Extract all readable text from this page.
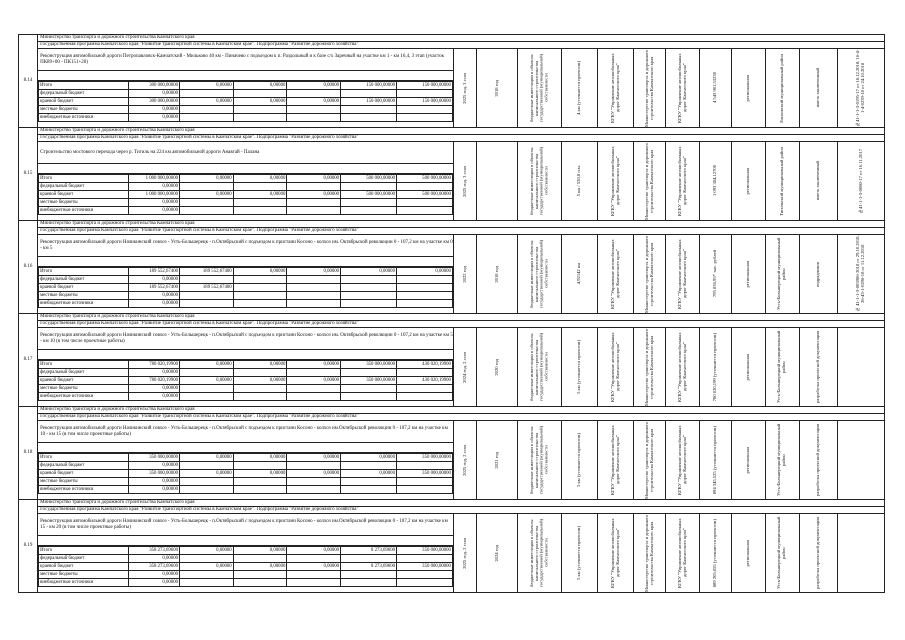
8.14	Министерство транспорта и дорожного строительства Камчатского края
Государственная программа Камчатского края "Развитие транспортной системы в Камчатском крае". Подпрограмма "Развитие дорожного хозяйства"
Реконструкция автомобильной дороги Петропавловск-Камчатский - Мильково 40 км - Пиначево с подъездом к п. Раздольный и к базе с/х Заречный на участке км 1 - км 16,4, 3 этап (участок ПК89+00 - ПК151+20)	
2025 год, 3 этап	2018 год	бюджетные инвестиции в объекты капитального строительства государственной (муниципальной) собственности	4 км (уточняется проектом)	КГКУ "Управление автомобильных дорог Камчатского края"	Министерство транспорта и дорожного строительства Камчатского края	КГКУ "Управление автомобильных дорог Камчатского края"	4 543 901,53230	региональная	Елизовский муниципальный район	иметь заключенный	№41-1-1-3-0195-17 от 18.12.2018, 16-4-1-4-0239-18 от 24.10.2018

Итого	300 000,00000	0,00000	0,00000	0,00000	150 000,00000	150 000,00000
федеральный бюджет	0,00000					
краевой бюджет	300 000,00000	0,00000	0,00000	0,00000	150 000,00000	150 000,00000
местные бюджеты	0,00000					
внебюджетные источники	0,00000					

8.15	Министерство транспорта и дорожного строительства Камчатского края
Государственная программа Камчатского края "Развитие транспортной системы в Камчатском крае". Подпрограмма "Развитие дорожного хозяйства"
Строительство мостового перехода через р. Тигиль на 224 км автомобильной дороги Анавгай - Палана	
2025 год, 3 этап		бюджетные инвестиции в объекты капитального строительства государственной (муниципальной) собственности	5 км / 530,8 п.м.	КГКУ "Управление автомобильных дорог Камчатского края"	Министерство транспорта и дорожного строительства Камчатского края	КГКУ "Управление автомобильных дорог Камчатского края"	1 093 304,12700	региональная	Тигильский муниципальный район	иметь заключенный	№41-1-1-3-0080-17 от 16.11.2017

Итого	1 000 000,00000	0,00000	0,00000	0,00000	500 000,00000	500 000,00000
федеральный бюджет	0,00000					
краевой бюджет	1 000 000,00000	0,00000	0,00000	0,00000	500 000,00000	500 000,00000
местные бюджеты	0,00000					
внебюджетные источники	0,00000					

8.16	Министерство транспорта и дорожного строительства Камчатского края
Государственная программа Камчатского края "Развитие транспортной системы в Камчатском крае". Подпрограмма "Развитие дорожного хозяйства"
Реконструкция автомобильной дороги Начикинский совхоз - Усть-Большерецк - п.Октябрьский с подъездом к пристани Косоно - колхоз им. Октябрьской революции 0 - 107,2 км на участке км 0 - км 5	
2022 год	2018 год	бюджетные инвестиции в объекты капитального строительства государственной (муниципальной) собственности	4,92142 км	КГКУ "Управление автомобильных дорог Камчатского края"	Министерство транспорта и дорожного строительства Камчатского края	КГКУ "Управление автомобильных дорог Камчатского края"	795 836,95* тыс. рублей	региональная	Усть-Большерецкий муниципальный район	подрядчиков	№ 41-1-1-3-005906-2018 от 29.10.2018, 26-43-1-0296-18 от 11.12.2018

Итого	189 552,67400	189 552,67400	0,00000	0,00000	0,00000	0,00000
федеральный бюджет	0,00000					
краевой бюджет	189 552,67400	189 552,67400				
местные бюджеты	0,00000					
внебюджетные источники	0,00000					

8.17	Министерство транспорта и дорожного строительства Камчатского края
Государственная программа Камчатского края "Развитие транспортной системы в Камчатском крае". Подпрограмма "Развитие дорожного хозяйства"
Реконструкция автомобильной дороги Начикинский совхоз - Усть-Большерецк - п.Октябрьский с подъездом к пристани Косоно - колхоз им. Октябрьской революции 0 - 107,2 км на участке км 5 - км 10 (в том числе проектные работы)	
2024 год, 2 этап	2020 год	бюджетные инвестиции в объекты капитального строительства государственной (муниципальной) собственности	5 км (уточняется проектом)	КГКУ "Управление автомобильных дорог Камчатского края"	Министерство транспорта и дорожного строительства Камчатского края	КГКУ "Управление автомобильных дорог Камчатского края"	780 020,199 (уточняется проектом)	региональная	Усть-Большерецкий муниципальный район	разработка проектной документации

Итого	780 020,19900	0,00000	0,00000	0,00000	350 000,00000	430 020,19900
федеральный бюджет	0,00000					
краевой бюджет	780 020,19900	0,00000	0,00000	0,00000	350 000,00000	430 020,19900
местные бюджеты	0,00000					
внебюджетные источники	0,00000					

8.18	Министерство транспорта и дорожного строительства Камчатского края
Государственная программа Камчатского края "Развитие транспортной системы в Камчатском крае". Подпрограмма "Развитие дорожного хозяйства"
Реконструкция автомобильной дороги Начикинский совхоз - Усть-Большерецк - п.Октябрьский с подъездом к пристани Косоно - колхоз им.Октябрьской революции 0 - 107,2 км на участке км 10 - км 15 (в том числе проектные работы)	
2025 год, 2 этап	2021 год	бюджетные инвестиции в объекты капитального строительства государственной (муниципальной) собственности	5 км (уточняется проектом)	КГКУ "Управление автомобильных дорог Камчатского края"	Министерство транспорта и дорожного строительства Камчатского края	КГКУ "Управление автомобильных дорог Камчатского края"	894 345,525 (уточняется проектом)	региональная	Усть-Большерецкий муниципальный район	разработка проектной документации

Итого	350 000,00000	0,00000	0,00000	0,00000	0,00000	350 000,00000
федеральный бюджет	0,00000					
краевой бюджет	350 000,00000	0,00000	0,00000	0,00000	0,00000	350 000,00000
местные бюджеты	0,00000					
внебюджетные источники	0,00000					

8.19	Министерство транспорта и дорожного строительства Камчатского края
Государственная программа Камчатского края "Развитие транспортной системы в Камчатском крае". Подпрограмма "Развитие дорожного хозяйства"
Реконструкция автомобильной дороги Начикинский совхоз - Усть-Большерецк - п.Октябрьский с подъездом к пристани Косоно - колхоз им.Октябрьской революции 0 - 107,2 км на участке км 15 - км 20 (в том числе проектные работы)	
2025 год, 2 этап	2024 год	бюджетные инвестиции в объекты капитального строительства государственной (муниципальной) собственности	5 км (уточняется проектом)	КГКУ "Управление автомобильных дорог Камчатского края"	Министерство транспорта и дорожного строительства Камчатского края	КГКУ "Управление автомобильных дорог Камчатского края"	889 205,055 (уточняется проектом)	региональная	Усть-Большерецкий муниципальный район	разработка проектной документации

Итого	358 273,69600	0,00000	0,00000	0,00000	8 273,69600	350 000,00000
федеральный бюджет	0,00000					
краевой бюджет	358 273,69600	0,00000	0,00000	0,00000	8 273,69600	350 000,00000
местные бюджеты	0,00000					
внебюджетные источники	0,00000					
